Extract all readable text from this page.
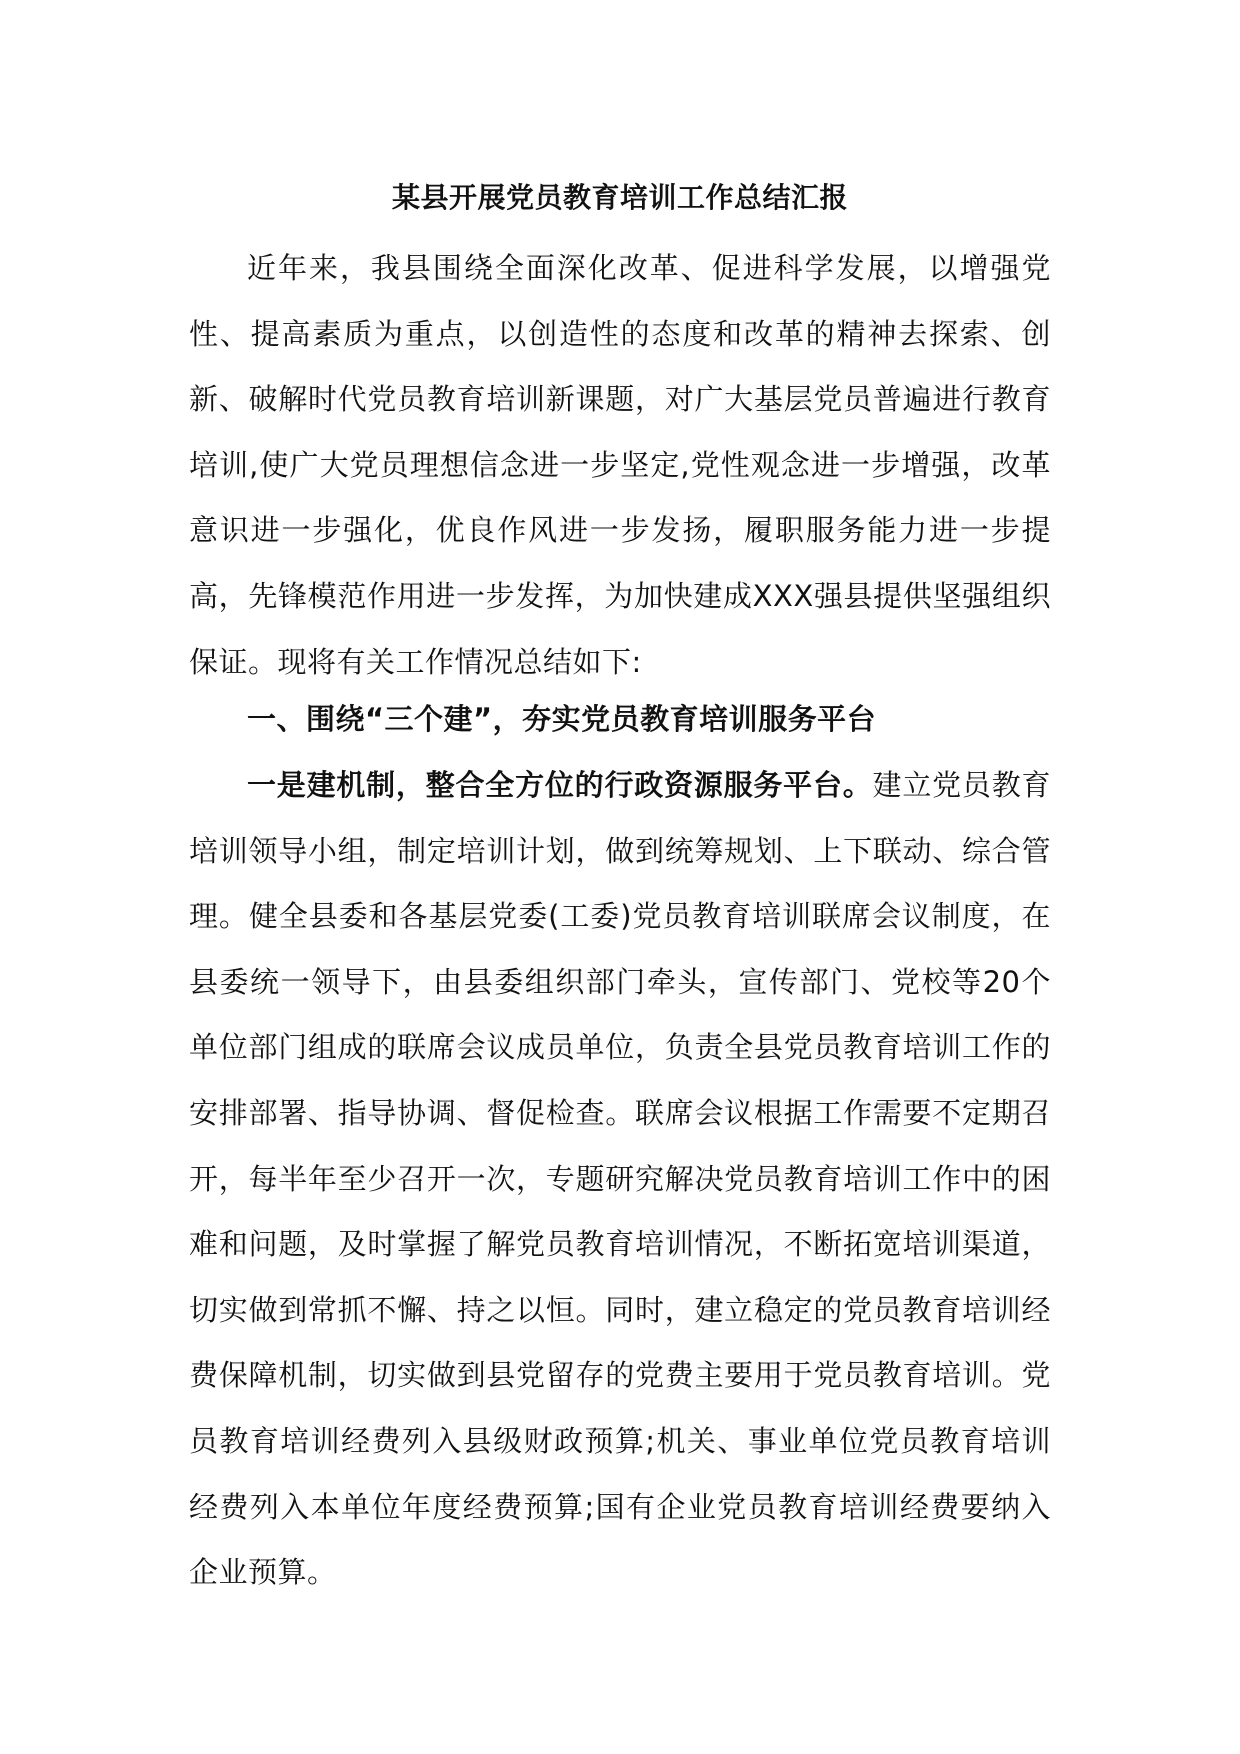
某县开展党员教育培训工作总结汇报

近年来，我县围绕全面深化改革、促进科学发展，以增强党性、提高素质为重点，以创造性的态度和改革的精神去探索、创新、破解时代党员教育培训新课题，对广大基层党员普遍进行教育培训,使广大党员理想信念进一步坚定,党性观念进一步增强，改革意识进一步强化，优良作风进一步发扬，履职服务能力进一步提高，先锋模范作用进一步发挥，为加快建成XXX强县提供坚强组织保证。现将有关工作情况总结如下:

一、围绕“三个建”，夯实党员教育培训服务平台

一是建机制，整合全方位的行政资源服务平台。建立党员教育培训领导小组，制定培训计划，做到统筹规划、上下联动、综合管理。健全县委和各基层党委(工委)党员教育培训联席会议制度，在县委统一领导下，由县委组织部门牵头，宣传部门、党校等20个单位部门组成的联席会议成员单位，负责全县党员教育培训工作的安排部署、指导协调、督促检查。联席会议根据工作需要不定期召开，每半年至少召开一次，专题研究解决党员教育培训工作中的困难和问题，及时掌握了解党员教育培训情况，不断拓宽培训渠道，切实做到常抓不懈、持之以恒。同时，建立稳定的党员教育培训经费保障机制，切实做到县党留存的党费主要用于党员教育培训。党员教育培训经费列入县级财政预算;机关、事业单位党员教育培训经费列入本单位年度经费预算;国有企业党员教育培训经费要纳入企业预算。
